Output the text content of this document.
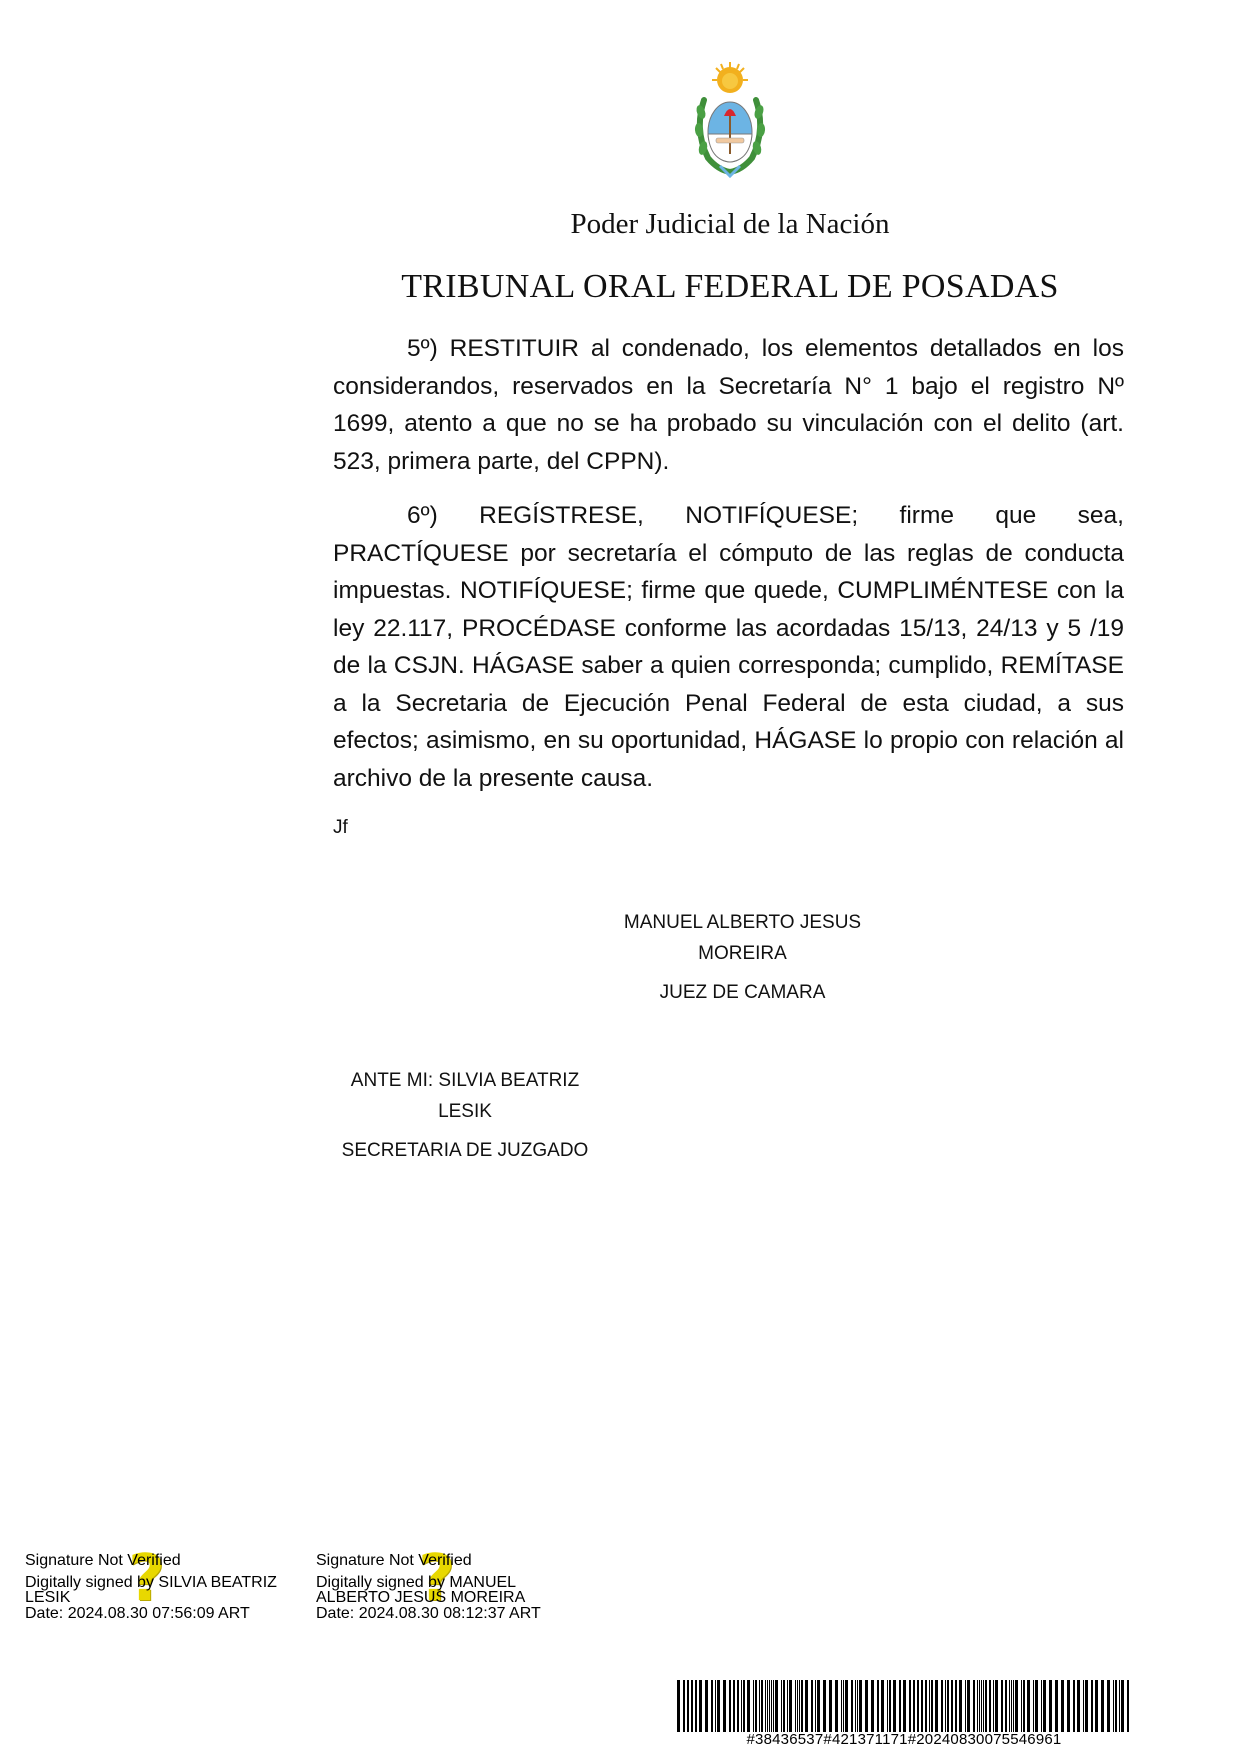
Poder Judicial de la Nación
TRIBUNAL ORAL FEDERAL DE POSADAS

5º) RESTITUIR al condenado, los elementos detallados en los considerandos, reservados en la Secretaría N° 1 bajo el registro Nº 1699, atento a que no se ha probado su vinculación con el delito (art. 523, primera parte, del CPPN).

6º) REGÍSTRESE, NOTIFÍQUESE; firme que sea, PRACTÍQUESE por secretaría el cómputo de las reglas de conducta impuestas. NOTIFÍQUESE; firme que quede, CUMPLIMÉNTESE con la ley 22.117, PROCÉDASE conforme las acordadas 15/13, 24/13 y 5 /19 de la CSJN. HÁGASE saber a quien corresponda; cumplido, REMÍTASE a la Secretaria de Ejecución Penal Federal de esta ciudad, a sus efectos; asimismo, en su oportunidad, HÁGASE lo propio con relación al archivo de la presente causa.

Jf
MANUEL ALBERTO JESUS
MOREIRA
JUEZ DE CAMARA
ANTE MI: SILVIA BEATRIZ
LESIK
SECRETARIA DE JUZGADO
?
Signature Not Verified
Digitally signed by SILVIA BEATRIZ
LESIK
Date: 2024.08.30 07:56:09 ART	?
Signature Not Verified
Digitally signed by MANUEL
ALBERTO JESUS MOREIRA
Date: 2024.08.30 08:12:37 ART
#38436537#421371171#20240830075546961
